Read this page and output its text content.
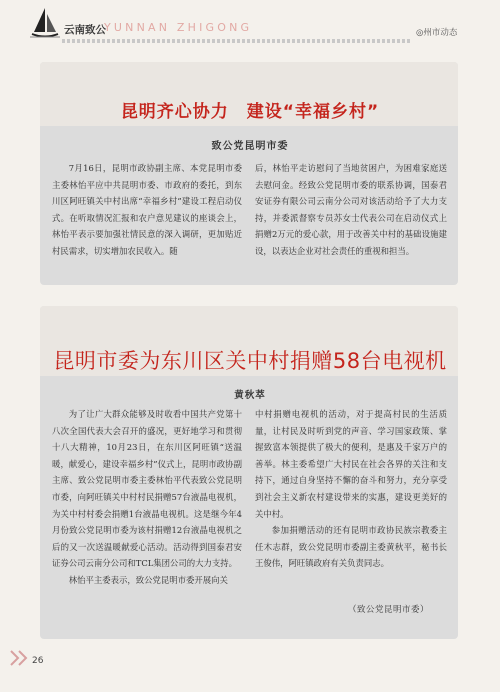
云南致公
YUNNAN ZHIGONG	◎州市动态
昆明齐心协力　建设“幸福乡村”
致公党昆明市委

7月16日，昆明市政协副主席、本党昆明市委主委林怡平应中共昆明市委、市政府的委托，到东川区阿旺镇关中村出席“幸福乡村”建设工程启动仪式。在听取情况汇报和农户意见建议的座谈会上，林怡平表示要加强社情民意的深入调研，更加贴近村民需求，切实增加农民收入。随

后，林怡平走访慰问了当地贫困户，为困难家庭送去慰问金。经致公党昆明市委的联系协调，国泰君安证券有限公司云南分公司对该活动给予了大力支持，并委派督察专员苏女士代表公司在启动仪式上捐赠2万元的爱心款，用于改善关中村的基础设施建设，以表达企业对社会责任的重视和担当。

昆明市委为东川区关中村捐赠58台电视机
黄秋萃

为了让广大群众能够及时收看中国共产党第十八次全国代表大会召开的盛况，更好地学习和贯彻十八大精神，10月23日，在东川区阿旺镇“送温暖，献爱心，建设幸福乡村”仪式上，昆明市政协副主席、致公党昆明市委主委林怡平代表致公党昆明市委，向阿旺镇关中村村民捐赠57台液晶电视机，为关中村村委会捐赠1台液晶电视机。这是继今年4月份致公党昆明市委为该村捐赠12台液晶电视机之后的又一次送温暖献爱心活动。活动得到国泰君安证券公司云南分公司和TCL集团公司的大力支持。

林怡平主委表示，致公党昆明市委开展向关

中村捐赠电视机的活动，对于提高村民的生活质量，让村民及时听到党的声音、学习国家政策、掌握致富本领提供了极大的便利，是惠及千家万户的善举。林主委希望广大村民在社会各界的关注和支持下，通过自身坚持不懈的奋斗和努力，充分享受到社会主义新农村建设带来的实惠，建设更美好的关中村。

参加捐赠活动的还有昆明市政协民族宗教委主任木志群，致公党昆明市委副主委黄秋平，秘书长王俊伟，阿旺镇政府有关负责同志。

（致公党昆明市委）
26
